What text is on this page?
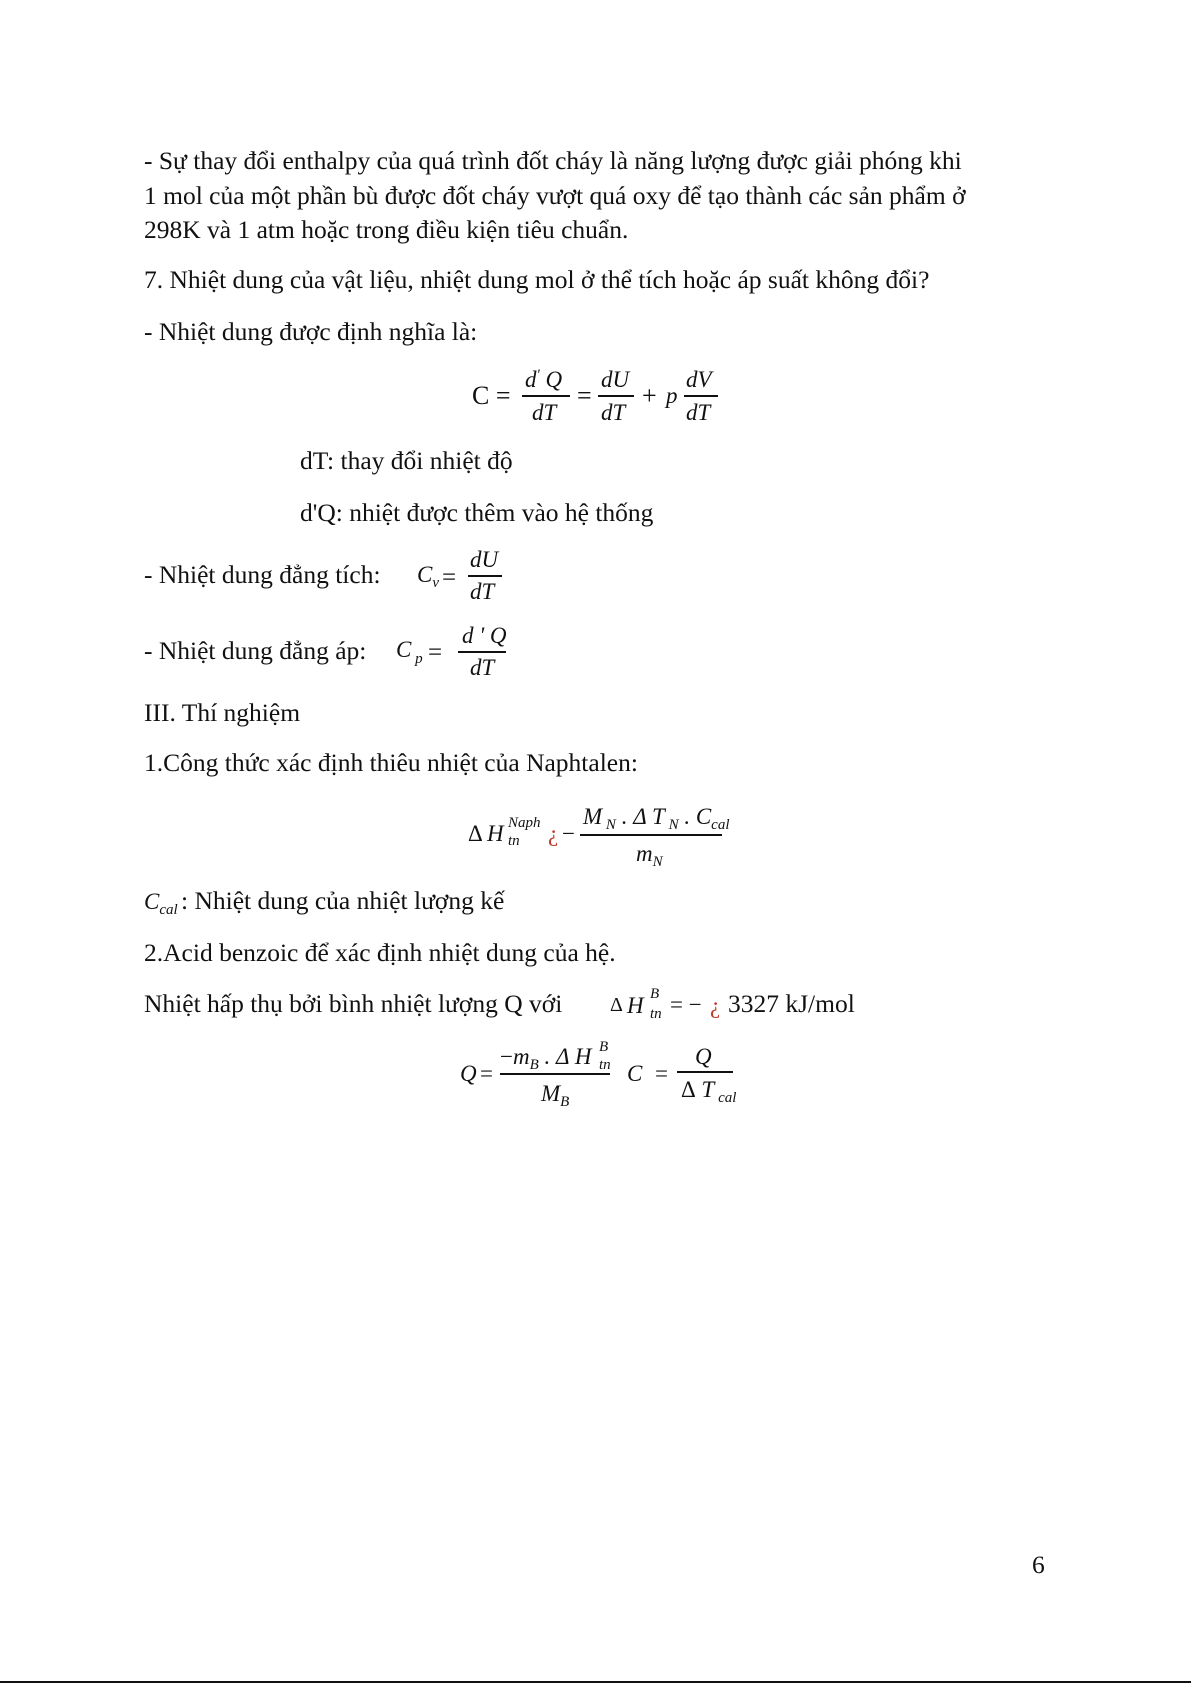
- Sự thay đổi enthalpy của quá trình đốt cháy là năng lượng được giải phóng khi
1 mol của một phần bù được đốt cháy vượt quá oxy để tạo thành các sản phẩm ở
298K và 1 atm hoặc trong điều kiện tiêu chuẩn.
7. Nhiệt dung của vật liệu, nhiệt dung mol ở thể tích hoặc áp suất không đổi?
- Nhiệt dung được định nghĩa là:
C =
$d^ʹ$ Q
dT
=
dU
dT
+ p
dV
dT
dT: thay đổi nhiệt độ
d'Q: nhiệt được thêm vào hệ thống
- Nhiệt dung đẳng tích: $C_v$ =
dU
dT
- Nhiệt dung đẳng áp: C $_p$ =
d ' Q
dT
III. Thí nghiệm
1.Công thức xác định thiêu nhiệt của Naphtalen:
Δ H Naph
tn ¿ −
M $_N$ . Δ T $_N$ . $C_{cal}$
$m_N$
$C_{cal}$ : Nhiệt dung của nhiệt lượng kế
2.Acid benzoic để xác định nhiệt dung của hệ.
Nhiệt hấp thụ bởi bình nhiệt lượng Q với Δ H B
tn = − ¿ 3327 kJ/mol
Q =
$-m_B$ . Δ H B
tn
$M_B$
C =
Q
Δ T $_{cal}$
6
